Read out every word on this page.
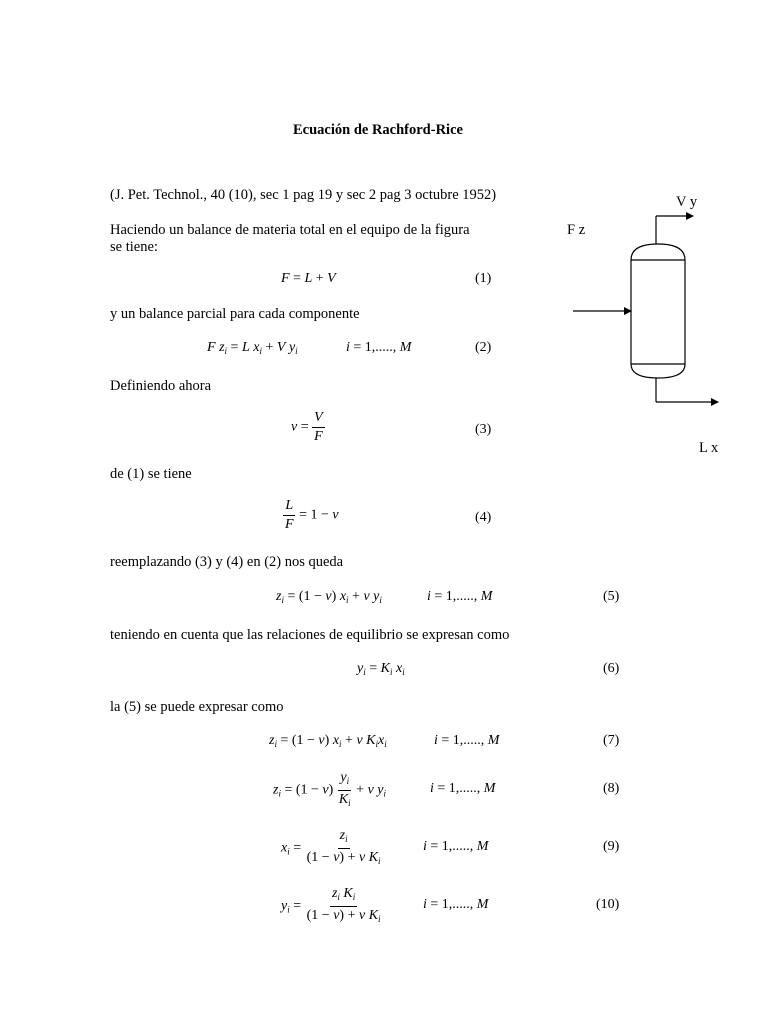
Ecuación de Rachford-Rice
(J. Pet. Technol., 40 (10), sec 1 pag 19 y sec 2 pag 3 octubre 1952)
Haciendo un balance de materia total en el equipo de la figura
se tiene:
F = L + V	(1)
y un balance parcial para cada componente
F $z_i = L$ $x_i + V$ $y_i$	i = 1,....., M	(2)
Definiendo ahora
$v = \frac{V}{F}$	(3)
de (1) se tiene
$\frac{L}{F} = 1 - v$	(4)
reemplazando (3) y (4) en (2) nos queda
$z_i = (1 - v) x_i + v$ $y_i$	i = 1,....., M	(5)
teniendo en cuenta que las relaciones de equilibrio se expresan como
$y_i = K_i$ $x_i$	(6)
la (5) se puede expresar como
$z_i = (1 - v) x_i + v$ $K_ix_i$	i = 1,....., M	(7)
$z_i = (1 - v) \frac{y_i}{K_i} + v$ $y_i$	i = 1,....., M	(8)
$x_i = \frac{z_i}{(1 - v) + v K_i}$	i = 1,....., M	(9)
$y_i = \frac{z_i K_i}{(1 - v) + v K_i}$	i = 1,....., M	(10)
V y
F z
L x
